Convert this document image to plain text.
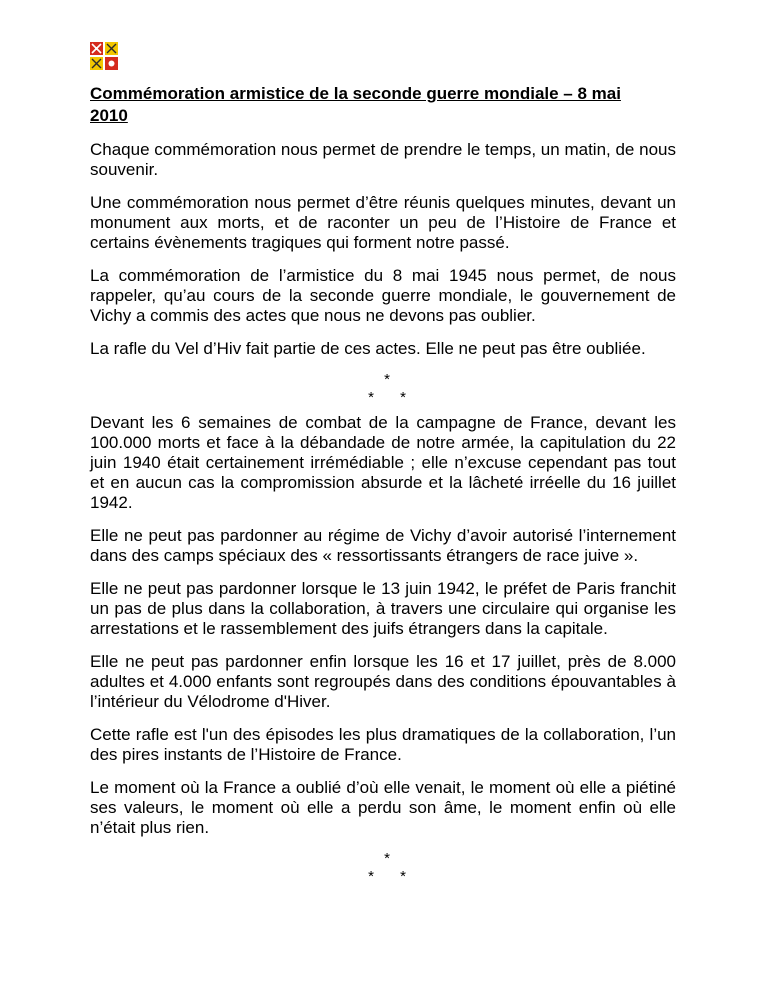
Commémoration armistice de la seconde guerre mondiale – 8 mai
2010

Chaque commémoration nous permet de prendre le temps, un matin, de nous souvenir.

Une commémoration nous permet d’être réunis quelques minutes, devant un monument aux morts, et de raconter un peu de l’Histoire de France et certains évènements tragiques qui forment notre passé.

La commémoration de l’armistice du 8 mai 1945 nous permet, de nous rappeler, qu’au cours de la seconde guerre mondiale, le gouvernement de Vichy a commis des actes que nous ne devons pas oublier.

La rafle du Vel d’Hiv fait partie de ces actes. Elle ne peut pas être oubliée.

*
* *

Devant les 6 semaines de combat de la campagne de France, devant les 100.000 morts et face à la débandade de notre armée, la capitulation du 22 juin 1940 était certainement irrémédiable ; elle n’excuse cependant pas tout et en aucun cas la compromission absurde et la lâcheté irréelle du 16 juillet 1942.

Elle ne peut pas pardonner au régime de Vichy d’avoir autorisé l’internement dans des camps spéciaux des « ressortissants étrangers de race juive ».

Elle ne peut pas pardonner lorsque le 13 juin 1942, le préfet de Paris franchit un pas de plus dans la collaboration, à travers une circulaire qui organise les arrestations et le rassemblement des juifs étrangers dans la capitale.

Elle ne peut pas pardonner enfin lorsque les 16 et 17 juillet, près de 8.000 adultes et 4.000 enfants sont regroupés dans des conditions épouvantables à l’intérieur du Vélodrome d'Hiver.

Cette rafle est l'un des épisodes les plus dramatiques de la collaboration, l’un des pires instants de l’Histoire de France.

Le moment où la France a oublié d’où elle venait, le moment où elle a piétiné ses valeurs, le moment où elle a perdu son âme, le moment enfin où elle n’était plus rien.

*
* *
